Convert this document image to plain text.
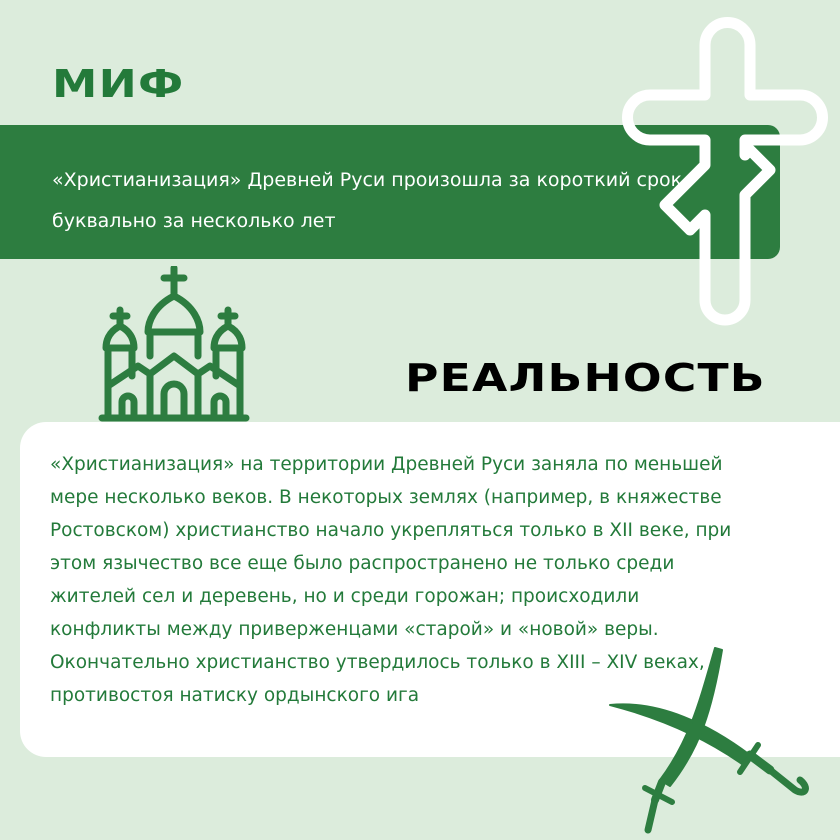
МИФ
«Христианизация» Древней Руси произошла за короткий срок, буквально за несколько лет
РЕАЛЬНОСТЬ
«Христианизация» на территории Древней Руси заняла по меньшей мере несколько веков. В некоторых землях (например, в княжестве Ростовском) христианство начало укрепляться только в XII веке, при этом язычество все еще было распространено не только среди жителей сел и деревень, но и среди горожан; происходили конфликты между приверженцами «старой» и «новой» веры. Окончательно христианство утвердилось только в XIII – XIV веках, противостоя натиску ордынского ига
